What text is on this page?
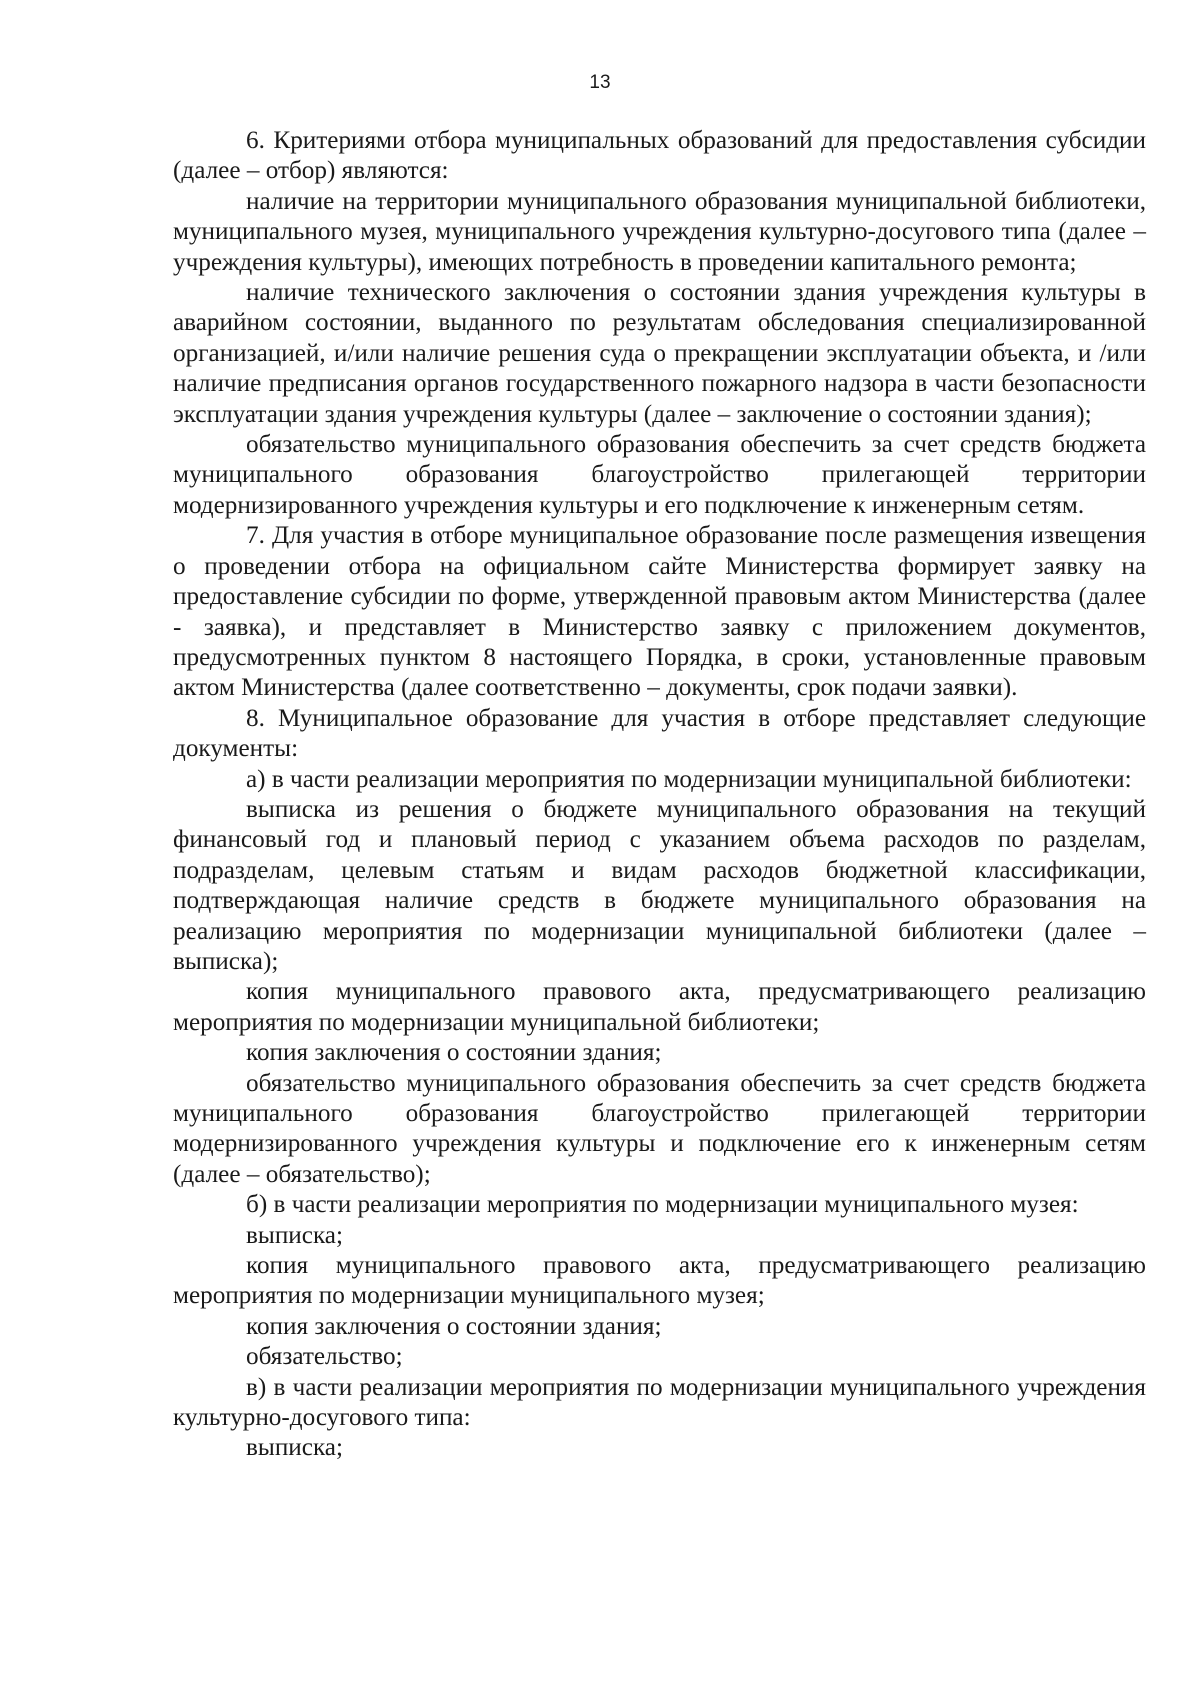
13

6. Критериями отбора муниципальных образований для предоставления субсидии (далее – отбор) являются:

наличие на территории муниципального образования муниципальной библиотеки, муниципального музея, муниципального учреждения культурно-досугового типа (далее – учреждения культуры), имеющих потребность в проведении капитального ремонта;

наличие технического заключения о состоянии здания учреждения культуры в аварийном состоянии, выданного по результатам обследования специализированной организацией, и/или наличие решения суда о прекращении эксплуатации объекта, и /или наличие предписания органов государственного пожарного надзора в части безопасности эксплуатации здания учреждения культуры (далее – заключение о состоянии здания);

обязательство муниципального образования обеспечить за счет средств бюджета муниципального образования благоустройство прилегающей территории модернизированного учреждения культуры и его подключение к инженерным сетям.

7. Для участия в отборе муниципальное образование после размещения извещения о проведении отбора на официальном сайте Министерства формирует заявку на предоставление субсидии по форме, утвержденной правовым актом Министерства (далее - заявка), и представляет в Министерство заявку с приложением документов, предусмотренных пунктом 8 настоящего Порядка, в сроки, установленные правовым актом Министерства (далее соответственно – документы, срок подачи заявки).

8. Муниципальное образование для участия в отборе представляет следующие документы:

а) в части реализации мероприятия по модернизации муниципальной библиотеки:

выписка из решения о бюджете муниципального образования на текущий финансовый год и плановый период с указанием объема расходов по разделам, подразделам, целевым статьям и видам расходов бюджетной классификации, подтверждающая наличие средств в бюджете муниципального образования на реализацию мероприятия по модернизации муниципальной библиотеки (далее – выписка);

копия муниципального правового акта, предусматривающего реализацию мероприятия по модернизации муниципальной библиотеки;

копия заключения о состоянии здания;

обязательство муниципального образования обеспечить за счет средств бюджета муниципального образования благоустройство прилегающей территории модернизированного учреждения культуры и подключение его к инженерным сетям (далее – обязательство);

б) в части реализации мероприятия по модернизации муниципального музея:

выписка;

копия муниципального правового акта, предусматривающего реализацию мероприятия по модернизации муниципального музея;

копия заключения о состоянии здания;

обязательство;

в) в части реализации мероприятия по модернизации муниципального учреждения культурно-досугового типа:

выписка;
